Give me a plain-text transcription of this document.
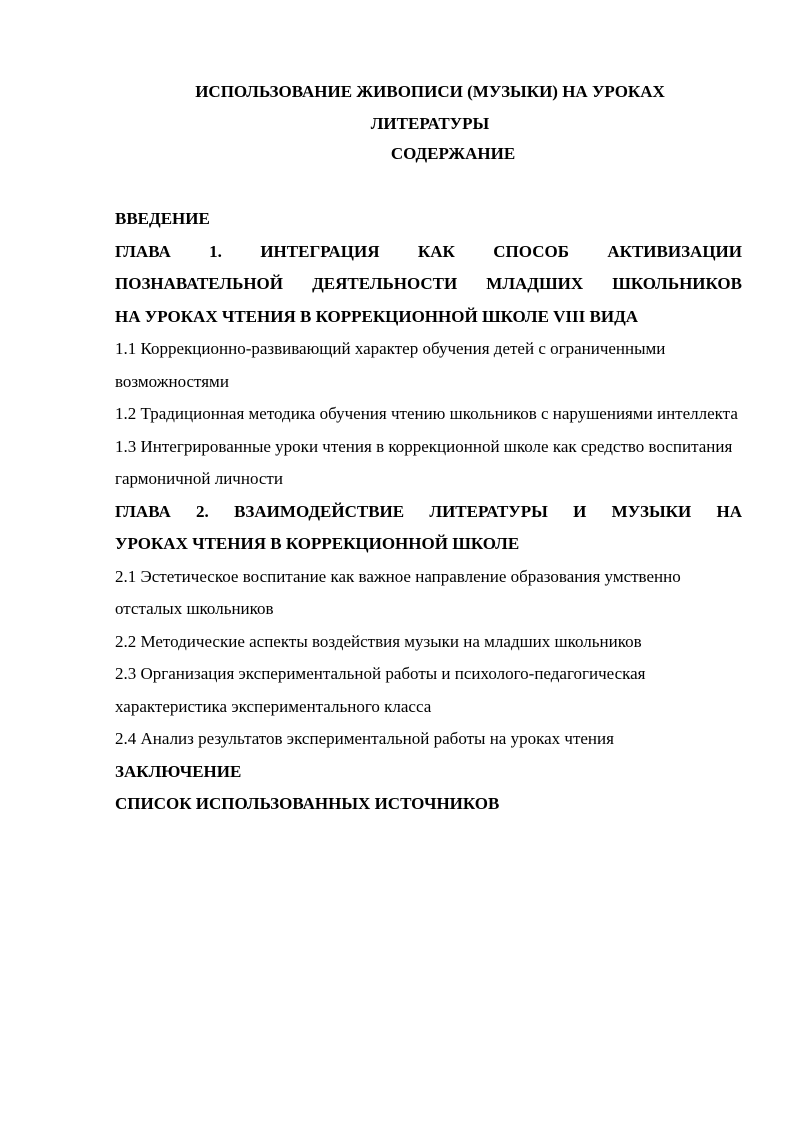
ИСПОЛЬЗОВАНИЕ ЖИВОПИСИ (МУЗЫКИ) НА УРОКАХ
ЛИТЕРАТУРЫ
СОДЕРЖАНИЕ
ВВЕДЕНИЕ
ГЛАВА 1. ИНТЕГРАЦИЯ КАК СПОСОБ АКТИВИЗАЦИИ
ПОЗНАВАТЕЛЬНОЙ ДЕЯТЕЛЬНОСТИ МЛАДШИХ ШКОЛЬНИКОВ
НА УРОКАХ ЧТЕНИЯ В КОРРЕКЦИОННОЙ ШКОЛЕ VIII ВИДА
1.1 Коррекционно-развивающий характер обучения детей с ограниченными возможностями
1.2 Традиционная методика обучения чтению школьников с нарушениями интеллекта
1.3 Интегрированные уроки чтения в коррекционной школе как средство воспитания гармоничной личности
ГЛАВА 2. ВЗАИМОДЕЙСТВИЕ ЛИТЕРАТУРЫ И МУЗЫКИ НА
УРОКАХ ЧТЕНИЯ В КОРРЕКЦИОННОЙ ШКОЛЕ
2.1 Эстетическое воспитание как важное направление образования умственно отсталых школьников
2.2 Методические аспекты воздействия музыки на младших школьников
2.3 Организация экспериментальной работы и психолого-педагогическая характеристика экспериментального класса
2.4 Анализ результатов экспериментальной работы на уроках чтения
ЗАКЛЮЧЕНИЕ
СПИСОК ИСПОЛЬЗОВАННЫХ ИСТОЧНИКОВ
